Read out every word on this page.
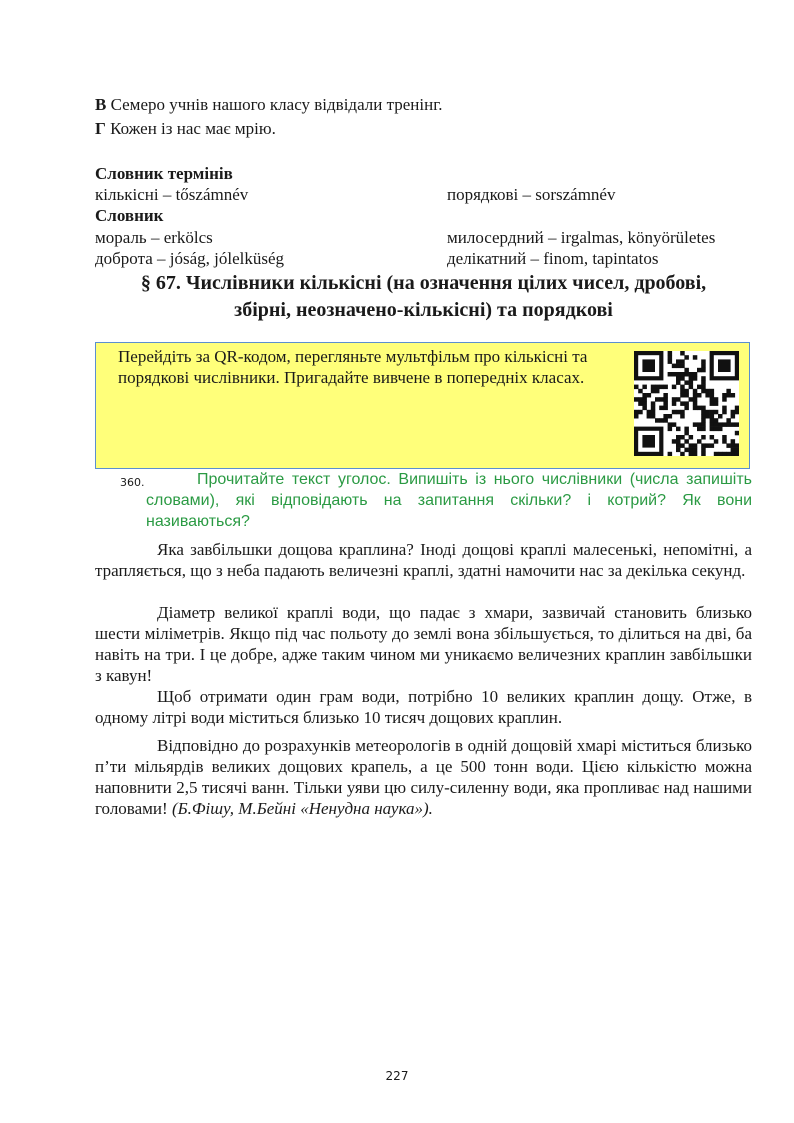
В Семеро учнів нашого класу відвідали тренінг.
Г Кожен із нас має мрію.
Словник термінів
кількісні – tőszámnév	порядкові – sorszámnév
Словник
мораль – erkölcs	милосердний – irgalmas, könyörületes
доброта – jóság, jólelküség	делікатний – finom, tapintatos
§ 67. Числівники кількісні (на означення цілих чисел, дробові,
збірні, неозначено-кількісні) та порядкові
Перейдіть за QR-кодом, перегляньте мультфільм про кількісні та порядкові числівники. Пригадайте вивчене в попередніх класах.
360.	Прочитайте текст уголос. Випишіть із нього числівники (числа запишіть словами), які відповідають на запитання скільки? і котрий? Як вони називаються?
Яка завбільшки дощова краплина? Іноді дощові краплі малесенькі, непомітні, а трапляється, що з неба падають величезні краплі, здатні намочити нас за декілька секунд.
Діаметр великої краплі води, що падає з хмари, зазвичай становить близько шести міліметрів. Якщо під час польоту до землі вона збільшується, то ділиться на дві, ба навіть на три. І це добре, адже таким чином ми уникаємо величезних краплин завбільшки з кавун!
Щоб отримати один грам води, потрібно 10 великих краплин дощу. Отже, в одному літрі води міститься близько 10 тисяч дощових краплин.
Відповідно до розрахунків метеорологів в одній дощовій хмарі міститься близько п’ти мільярдів великих дощових крапель, а це 500 тонн води. Цією кількістю можна наповнити 2,5 тисячі ванн. Тільки уяви цю силу-силенну води, яка пропливає над нашими головами! (Б.Фішу, М.Бейні «Ненудна наука»).
227
